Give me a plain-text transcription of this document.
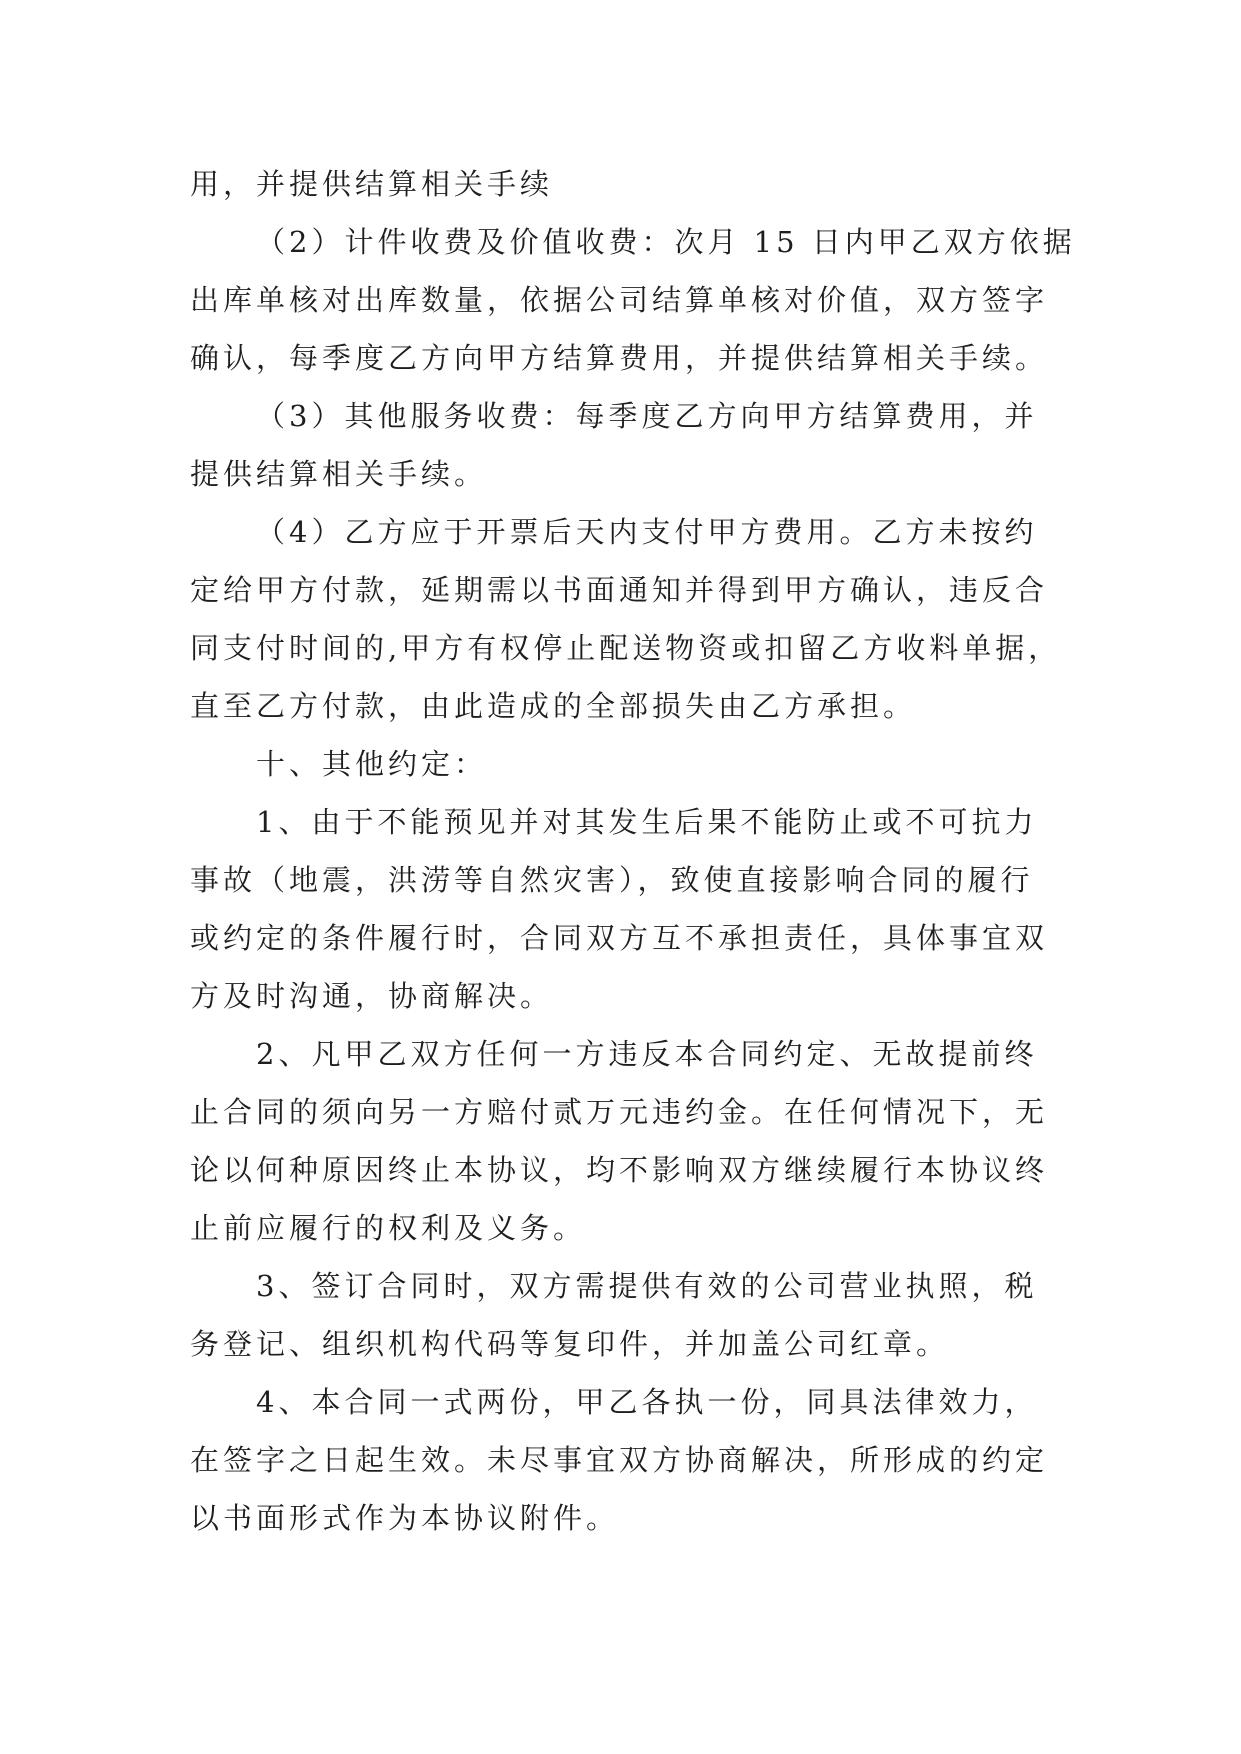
用，并提供结算相关手续
（2）计件收费及价值收费：次月 15 日内甲乙双方依据
出库单核对出库数量，依据公司结算单核对价值，双方签字
确认，每季度乙方向甲方结算费用，并提供结算相关手续。
（3）其他服务收费：每季度乙方向甲方结算费用，并
提供结算相关手续。
（4）乙方应于开票后天内支付甲方费用。乙方未按约
定给甲方付款，延期需以书面通知并得到甲方确认，违反合
同支付时间的,甲方有权停止配送物资或扣留乙方收料单据，
直至乙方付款，由此造成的全部损失由乙方承担。
十、其他约定：
1、由于不能预见并对其发生后果不能防止或不可抗力
事故（地震，洪涝等自然灾害），致使直接影响合同的履行
或约定的条件履行时，合同双方互不承担责任，具体事宜双
方及时沟通，协商解决。
2、凡甲乙双方任何一方违反本合同约定、无故提前终
止合同的须向另一方赔付贰万元违约金。在任何情况下，无
论以何种原因终止本协议，均不影响双方继续履行本协议终
止前应履行的权利及义务。
3、签订合同时，双方需提供有效的公司营业执照，税
务登记、组织机构代码等复印件，并加盖公司红章。
4、本合同一式两份，甲乙各执一份，同具法律效力，
在签字之日起生效。未尽事宜双方协商解决，所形成的约定
以书面形式作为本协议附件。
